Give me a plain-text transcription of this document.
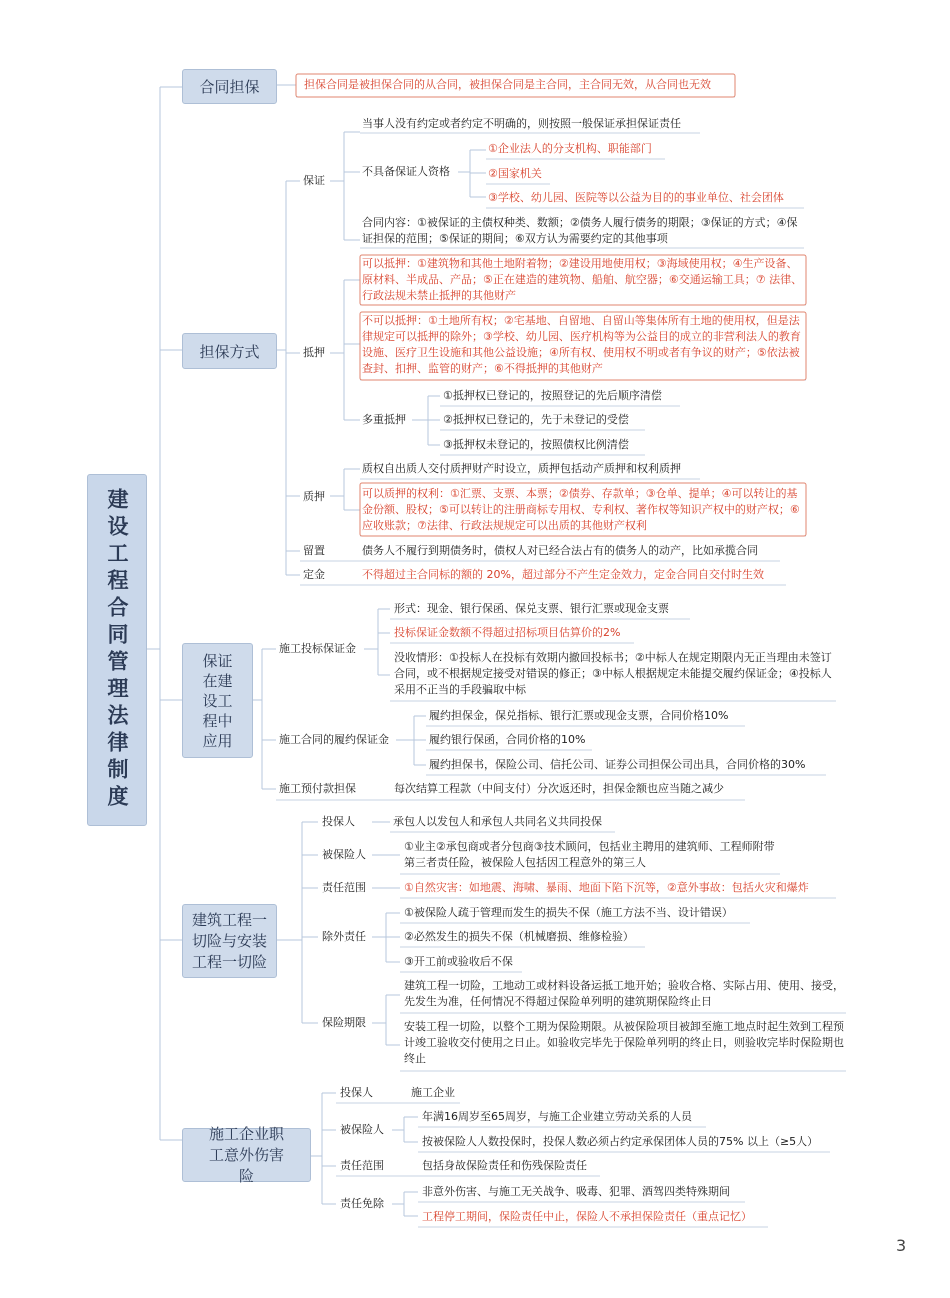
建设工程合同管理法律制度
合同担保	担保合同是被担保合同的从合同，被担保合同是主合同，主合同无效，从合同也无效
担保方式
保证
当事人没有约定或者约定不明确的，则按照一般保证承担保证责任
不具备保证人资格
①企业法人的分支机构、职能部门
②国家机关
③学校、幼儿园、医院等以公益为目的的事业单位、社会团体
合同内容：①被保证的主债权种类、数额；②债务人履行债务的期限；③保证的方式；④保证担保的范围；⑤保证的期间；⑥双方认为需要约定的其他事项
抵押
可以抵押：①建筑物和其他土地附着物；②建设用地使用权；③海域使用权；④生产设备、原材料、半成品、产品；⑤正在建造的建筑物、船舶、航空器；⑥交通运输工具；⑦ 法律、行政法规未禁止抵押的其他财产
不可以抵押：①土地所有权；②宅基地、自留地、自留山等集体所有土地的使用权，但是法律规定可以抵押的除外；③学校、幼儿园、医疗机构等为公益目的成立的非营利法人的教育设施、医疗卫生设施和其他公益设施；④所有权、使用权不明或者有争议的财产；⑤依法被查封、扣押、监管的财产；⑥不得抵押的其他财产
多重抵押
①抵押权已登记的，按照登记的先后顺序清偿
②抵押权已登记的，先于未登记的受偿
③抵押权未登记的，按照债权比例清偿
质押
质权自出质人交付质押财产时设立，质押包括动产质押和权利质押
可以质押的权利：①汇票、支票、本票；②债券、存款单；③仓单、提单；④可以转让的基金份额、股权；⑤可以转让的注册商标专用权、专利权、著作权等知识产权中的财产权；⑥应收账款；⑦法律、行政法规规定可以出质的其他财产权利
留置	债务人不履行到期债务时，债权人对已经合法占有的债务人的动产，比如承揽合同
定金	不得超过主合同标的额的 20%，超过部分不产生定金效力，定金合同自交付时生效
保证在建设工程中应用
施工投标保证金
形式：现金、银行保函、保兑支票、银行汇票或现金支票
投标保证金数额不得超过招标项目估算价的2%
没收情形：①投标人在投标有效期内撤回投标书；②中标人在规定期限内无正当理由未签订合同，或不根据规定接受对错误的修正；③中标人根据规定未能提交履约保证金；④投标人采用不正当的手段骗取中标
施工合同的履约保证金
履约担保金，保兑指标、银行汇票或现金支票，合同价格10%
履约银行保函，合同价格的10%
履约担保书，保险公司、信托公司、证券公司担保公司出具，合同价格的30%
施工预付款担保	每次结算工程款（中间支付）分次返还时，担保金额也应当随之减少
建筑工程一切险与安装工程一切险
投保人	承包人以发包人和承包人共同名义共同投保
被保险人
①业主②承包商或者分包商③技术顾问，包括业主聘用的建筑师、工程师附带第三者责任险，被保险人包括因工程意外的第三人
责任范围	①自然灾害：如地震、海啸、暴雨、地面下陷下沉等，②意外事故：包括火灾和爆炸
除外责任
①被保险人疏于管理而发生的损失不保（施工方法不当、设计错误）
②必然发生的损失不保（机械磨损、维修检验）
③开工前或验收后不保
保险期限
建筑工程一切险，工地动工或材料设备运抵工地开始；验收合格、实际占用、使用、接受，先发生为准，任何情况不得超过保险单列明的建筑期保险终止日
安装工程一切险，以整个工期为保险期限。从被保险项目被卸至施工地点时起生效到工程预计竣工验收交付使用之日止。如验收完毕先于保险单列明的终止日，则验收完毕时保险期也终止
施工企业职工意外伤害险
投保人	施工企业
被保险人
年满16周岁至65周岁，与施工企业建立劳动关系的人员
按被保险人人数投保时，投保人数必须占约定承保团体人员的75% 以上（≥5人）
责任范围	包括身故保险责任和伤残保险责任
责任免除
非意外伤害、与施工无关战争、吸毒、犯罪、酒驾四类特殊期间
工程停工期间，保险责任中止，保险人不承担保险责任（重点记忆）
3
